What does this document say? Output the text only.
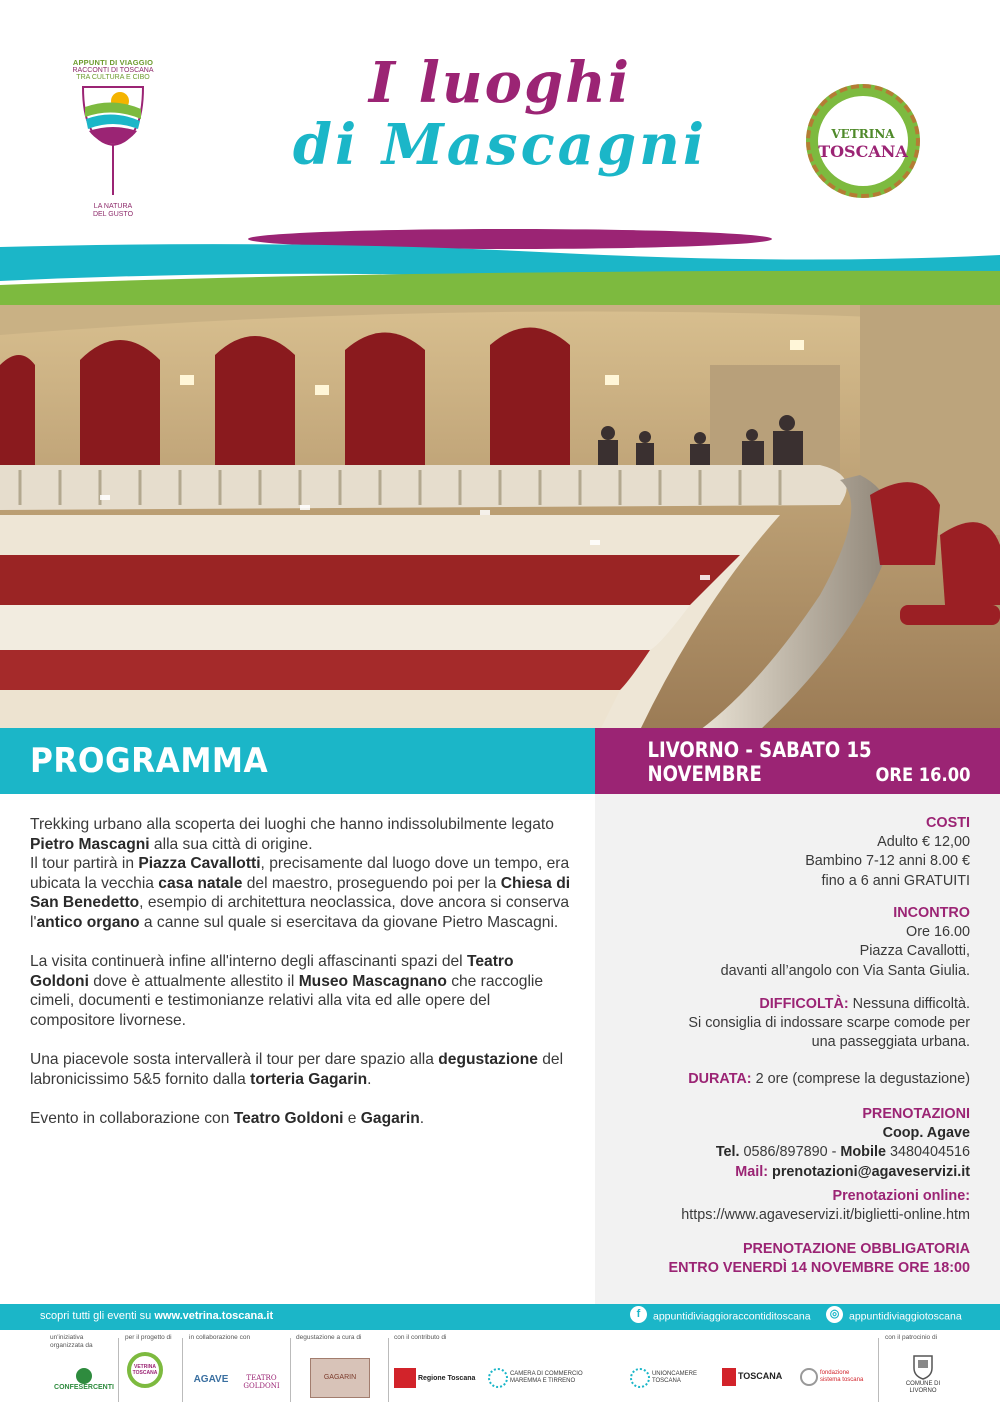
APPUNTI DI VIAGGIO
RACCONTI DI TOSCANA
TRA CULTURA E CIBO
LA NATURA
DEL GUSTO
I luoghi
di Mascagni	VETRINA
TOSCANA
PROGRAMMA	LIVORNO - SABATO 15 NOVEMBRE	ORE 16.00

Trekking urbano alla scoperta dei luoghi che hanno indissolubilmente legato Pietro Mascagni alla sua città di origine.
Il tour partirà in Piazza Cavallotti, precisamente dal luogo dove un tempo, era ubicata la vecchia casa natale del maestro, proseguendo poi per la Chiesa di San Benedetto, esempio di architettura neoclassica, dove ancora si conserva l'antico organo a canne sul quale si esercitava da giovane Pietro Mascagni.

La visita continuerà infine all'interno degli affascinanti spazi del Teatro Goldoni dove è attualmente allestito il Museo Mascagnano che raccoglie cimeli, documenti e testimonianze relativi alla vita ed alle opere del compositore livornese.

Una piacevole sosta intervallerà il tour per dare spazio alla degustazione del labronicissimo 5&5 fornito dalla torteria Gagarin.

Evento in collaborazione con Teatro Goldoni e Gagarin.

COSTI
Adulto € 12,00
Bambino 7-12 anni 8.00 €
fino a 6 anni GRATUITI
INCONTRO
Ore 16.00
Piazza Cavallotti,
davanti all’angolo con Via Santa Giulia.
DIFFICOLTÀ: Nessuna difficoltà.
Si consiglia di indossare scarpe comode per
una passeggiata urbana.
DURATA: 2 ore (comprese la degustazione)
PRENOTAZIONI
Coop. Agave
Tel. 0586/897890 - Mobile 3480404516
Mail: prenotazioni@agaveservizi.it
Prenotazioni online:
https://www.agaveservizi.it/biglietti-online.htm
PRENOTAZIONE OBBLIGATORIA
ENTRO VENERDÌ 14 NOVEMBRE ORE 18:00
scopri tutti gli eventi su www.vetrina.toscana.it	f appuntidiviaggioraccontiditoscana	◎ appuntidiviaggiotoscana
un'iniziativa organizzata da
CONFESERCENTI
per il progetto di
VETRINA TOSCANA
in collaborazione con
AGAVE	TEATRO GOLDONI
degustazione a cura di
GAGARIN
con il contributo di
Regione Toscana
CAMERA DI COMMERCIO MAREMMA E TIRRENO
UNIONCAMERE TOSCANA
TOSCANA	fondazione sistema toscana
con il patrocinio di
COMUNE DI LIVORNO
